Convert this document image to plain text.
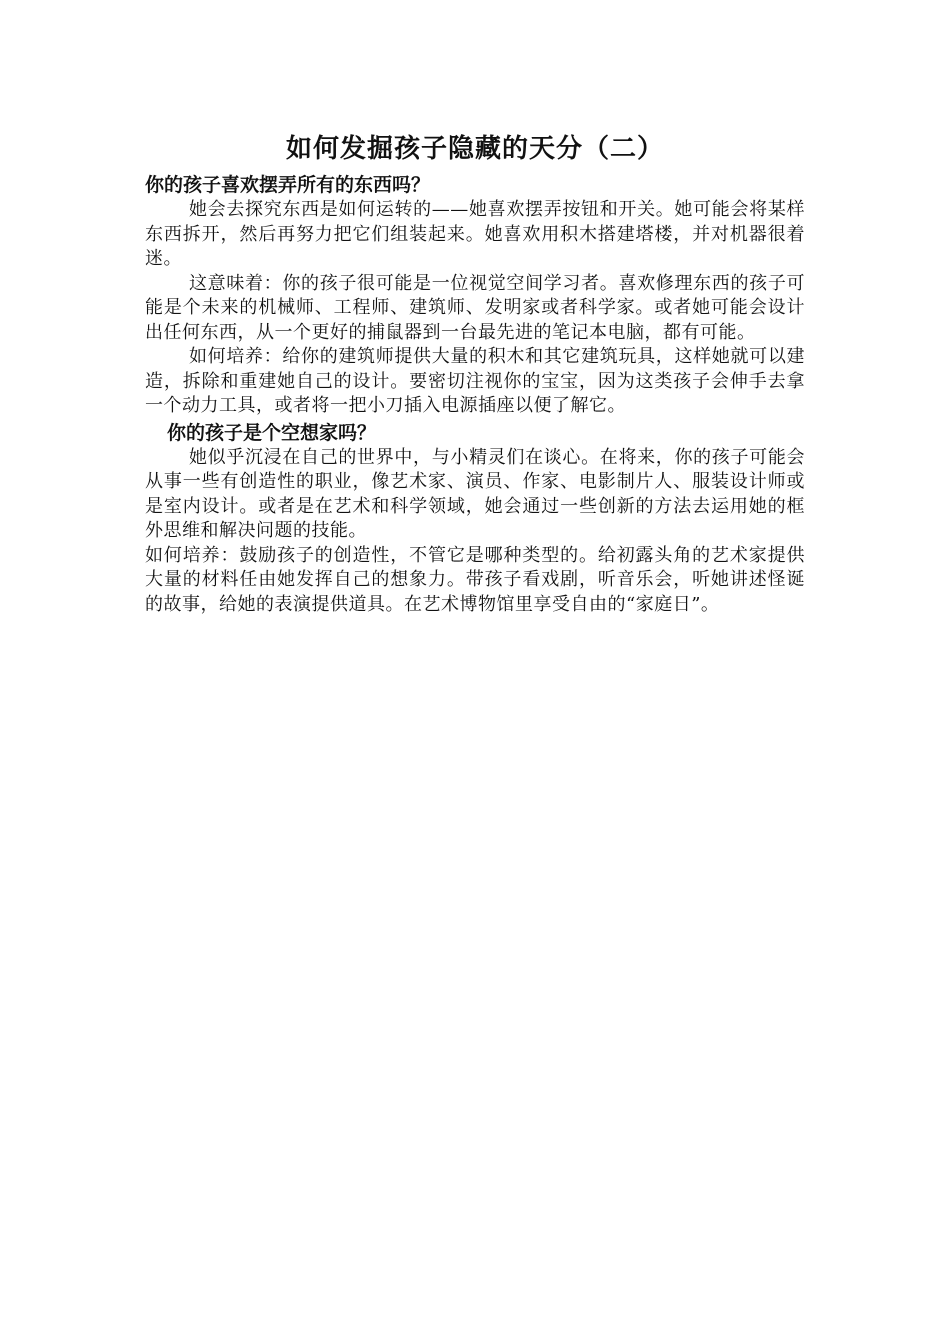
如何发掘孩子隐藏的天分（二）
你的孩子喜欢摆弄所有的东西吗？

她会去探究东西是如何运转的——她喜欢摆弄按钮和开关。她可能会将某样东西拆开，然后再努力把它们组装起来。她喜欢用积木搭建塔楼，并对机器很着迷。

这意味着：你的孩子很可能是一位视觉空间学习者。喜欢修理东西的孩子可能是个未来的机械师、工程师、建筑师、发明家或者科学家。或者她可能会设计出任何东西，从一个更好的捕鼠器到一台最先进的笔记本电脑，都有可能。

如何培养：给你的建筑师提供大量的积木和其它建筑玩具，这样她就可以建造，拆除和重建她自己的设计。要密切注视你的宝宝，因为这类孩子会伸手去拿一个动力工具，或者将一把小刀插入电源插座以便了解它。

你的孩子是个空想家吗？

她似乎沉浸在自己的世界中，与小精灵们在谈心。在将来，你的孩子可能会从事一些有创造性的职业，像艺术家、演员、作家、电影制片人、服装设计师或是室内设计。或者是在艺术和科学领域，她会通过一些创新的方法去运用她的框外思维和解决问题的技能。

如何培养：鼓励孩子的创造性，不管它是哪种类型的。给初露头角的艺术家提供大量的材料任由她发挥自己的想象力。带孩子看戏剧，听音乐会，听她讲述怪诞的故事，给她的表演提供道具。在艺术博物馆里享受自由的“家庭日”。
